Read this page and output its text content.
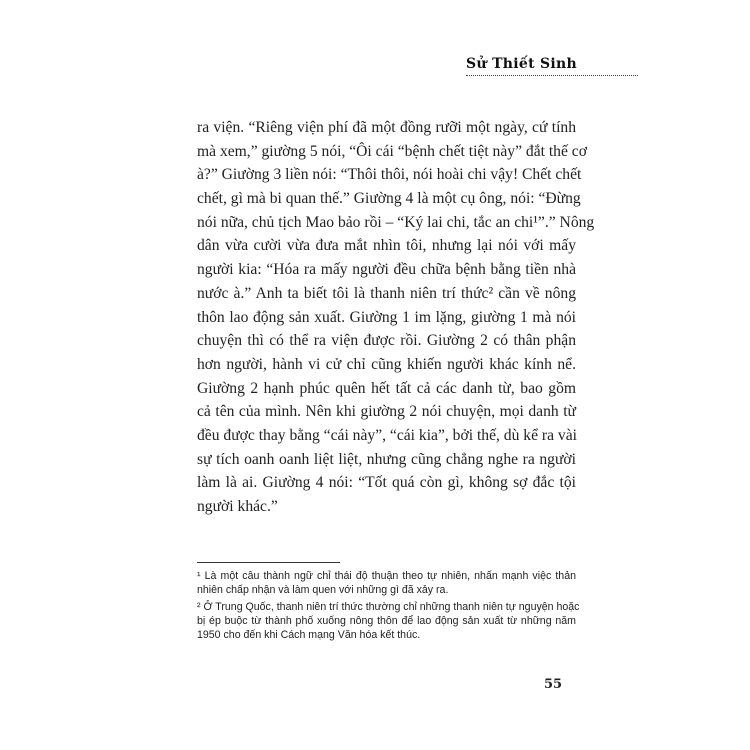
Sử Thiết Sinh
ra viện. “Riêng viện phí đã một đồng rưỡi một ngày, cứ tính
mà xem,” giường 5 nói, “Ôi cái “bệnh chết tiệt này” đắt thế cơ
à?” Giường 3 liền nói: “Thôi thôi, nói hoài chi vậy! Chết chết
chết, gì mà bi quan thế.” Giường 4 là một cụ ông, nói: “Đừng
nói nữa, chủ tịch Mao bảo rồi – “Ký lai chi, tắc an chi¹”.” Nông
dân vừa cười vừa đưa mắt nhìn tôi, nhưng lại nói với mấy
người kia: “Hóa ra mấy người đều chữa bệnh bằng tiền nhà
nước à.” Anh ta biết tôi là thanh niên trí thức² cần về nông
thôn lao động sản xuất. Giường 1 im lặng, giường 1 mà nói
chuyện thì có thể ra viện được rồi. Giường 2 có thân phận
hơn người, hành vi cử chỉ cũng khiến người khác kính nể.
Giường 2 hạnh phúc quên hết tất cả các danh từ, bao gồm
cả tên của mình. Nên khi giường 2 nói chuyện, mọi danh từ
đều được thay bằng “cái này”, “cái kia”, bởi thế, dù kể ra vài
sự tích oanh oanh liệt liệt, nhưng cũng chẳng nghe ra người
làm là ai. Giường 4 nói: “Tốt quá còn gì, không sợ đắc tội
người khác.”
¹ Là một câu thành ngữ chỉ thái độ thuận theo tự nhiên, nhấn mạnh việc thản
nhiên chấp nhận và làm quen với những gì đã xảy ra.
² Ở Trung Quốc, thanh niên trí thức thường chỉ những thanh niên tự nguyện hoặc
bị ép buộc từ thành phố xuống nông thôn để lao động sản xuất từ những năm
1950 cho đến khi Cách mạng Văn hóa kết thúc.
55
